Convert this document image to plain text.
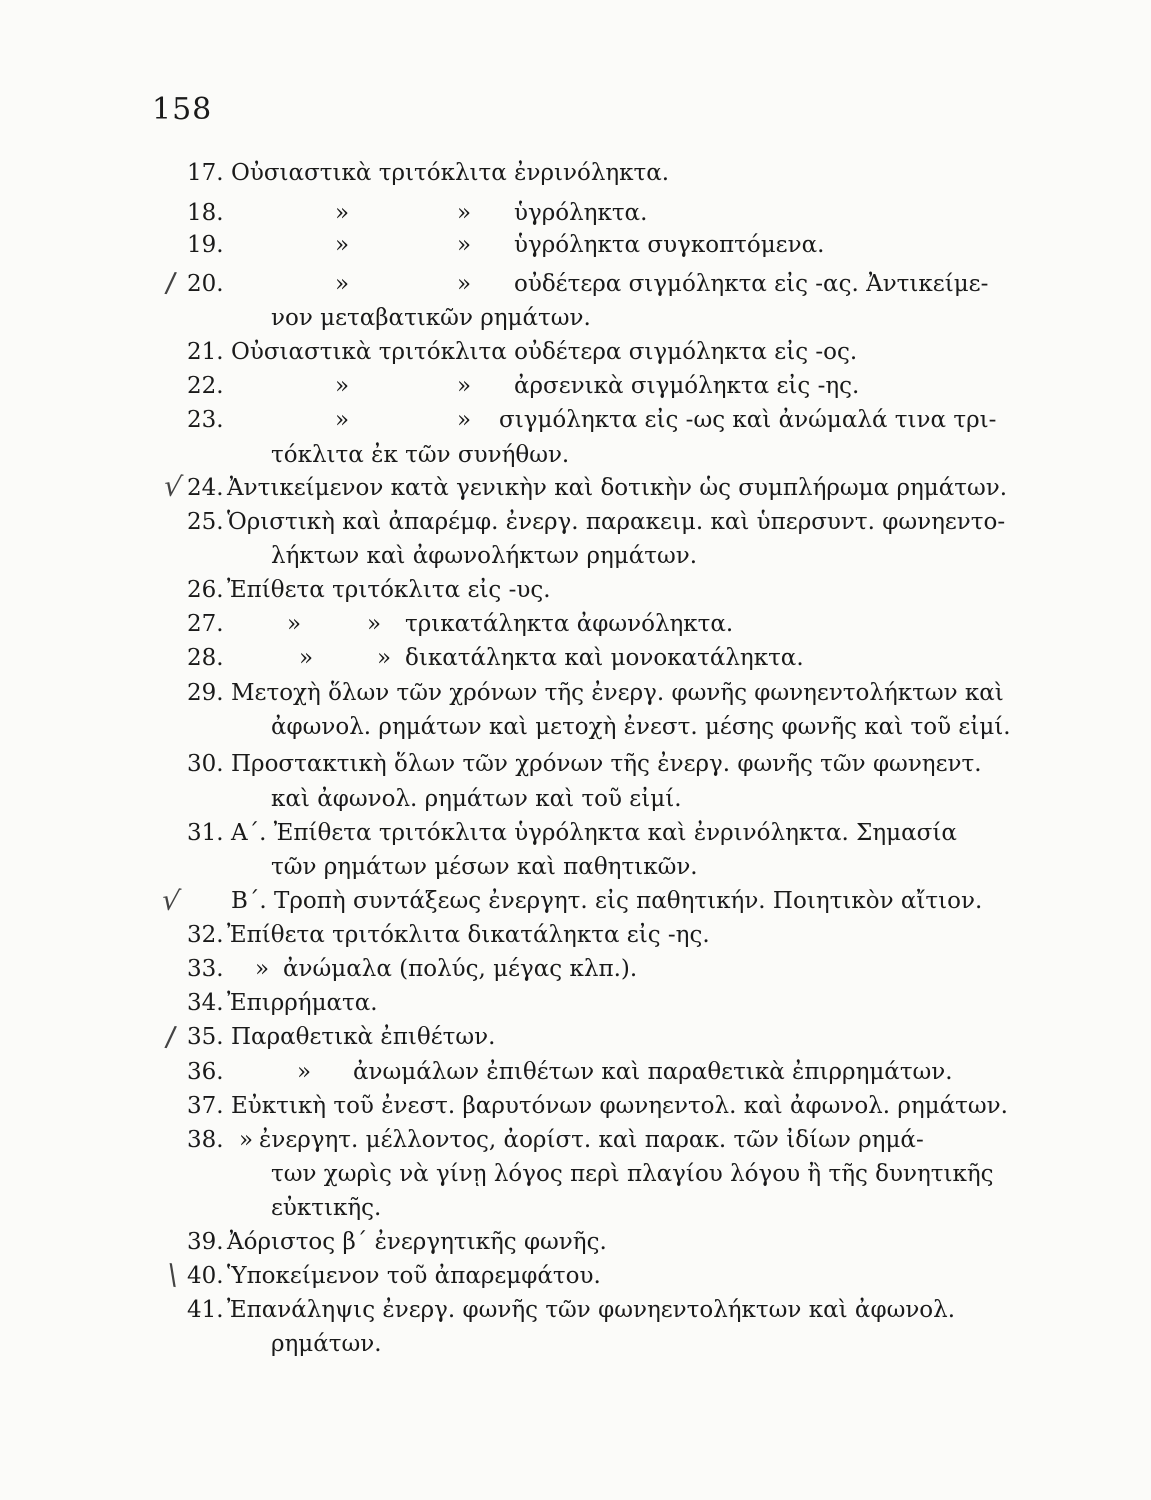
158
17. Οὐσιαστικὰ τριτόκλιτα ἐνρινόληκτα.
18.	»	» ὑγρόληκτα.
19.	»	» ὑγρόληκτα συγκοπτόμενα.
20.	»	» οὐδέτερα σιγμόληκτα εἰς -ας. Ἀντικείμε-
νον μεταβατικῶν ρημάτων.
21. Οὐσιαστικὰ τριτόκλιτα οὐδέτερα σιγμόληκτα εἰς -ος.
22.	»	» ἀρσενικὰ σιγμόληκτα εἰς -ης.
23.	»	» σιγμόληκτα εἰς -ως καὶ ἀνώμαλά τινα τρι-
τόκλιτα ἐκ τῶν συνήθων.
24. Ἀντικείμενον κατὰ γενικὴν καὶ δοτικὴν ὡς συμπλήρωμα ρημάτων.
25. Ὁριστικὴ καὶ ἀπαρέμφ. ἐνεργ. παρακειμ. καὶ ὑπερσυντ. φωνηεντο-
λήκτων καὶ ἀφωνολήκτων ρημάτων.
26. Ἐπίθετα τριτόκλιτα εἰς -υς.
27.	»	» τρικατάληκτα ἀφωνόληκτα.
28.	»	» δικατάληκτα καὶ μονοκατάληκτα.
29. Μετοχὴ ὅλων τῶν χρόνων τῆς ἐνεργ. φωνῆς φωνηεντολήκτων καὶ
ἀφωνολ. ρημάτων καὶ μετοχὴ ἐνεστ. μέσης φωνῆς καὶ τοῦ εἰμί.
30. Προστακτικὴ ὅλων τῶν χρόνων τῆς ἐνεργ. φωνῆς τῶν φωνηεντ.
καὶ ἀφωνολ. ρημάτων καὶ τοῦ εἰμί.
31. Α΄. Ἐπίθετα τριτόκλιτα ὑγρόληκτα καὶ ἐνρινόληκτα. Σημασία
τῶν ρημάτων μέσων καὶ παθητικῶν.
Β΄. Τροπὴ συντάξεως ἐνεργητ. εἰς παθητικήν. Ποιητικὸν αἴτιον.
32. Ἐπίθετα τριτόκλιτα δικατάληκτα εἰς -ης.
33. » ἀνώμαλα (πολύς, μέγας κλπ.).
34. Ἐπιρρήματα.
35. Παραθετικὰ ἐπιθέτων.
36.	» ἀνωμάλων ἐπιθέτων καὶ παραθετικὰ ἐπιρρημάτων.
37. Εὐκτικὴ τοῦ ἐνεστ. βαρυτόνων φωνηεντολ. καὶ ἀφωνολ. ρημάτων.
38. » ἐνεργητ. μέλλοντος, ἀορίστ. καὶ παρακ. τῶν ἰδίων ρημά-
των χωρὶς νὰ γίνῃ λόγος περὶ πλαγίου λόγου ἢ τῆς δυνητικῆς
εὐκτικῆς.
39. Ἀόριστος β΄ ἐνεργητικῆς φωνῆς.
40. Ὑποκείμενον τοῦ ἀπαρεμφάτου.
41. Ἐπανάληψις ἐνεργ. φωνῆς τῶν φωνηεντολήκτων καὶ ἀφωνολ.
ρημάτων.
/
√
√
/
\
